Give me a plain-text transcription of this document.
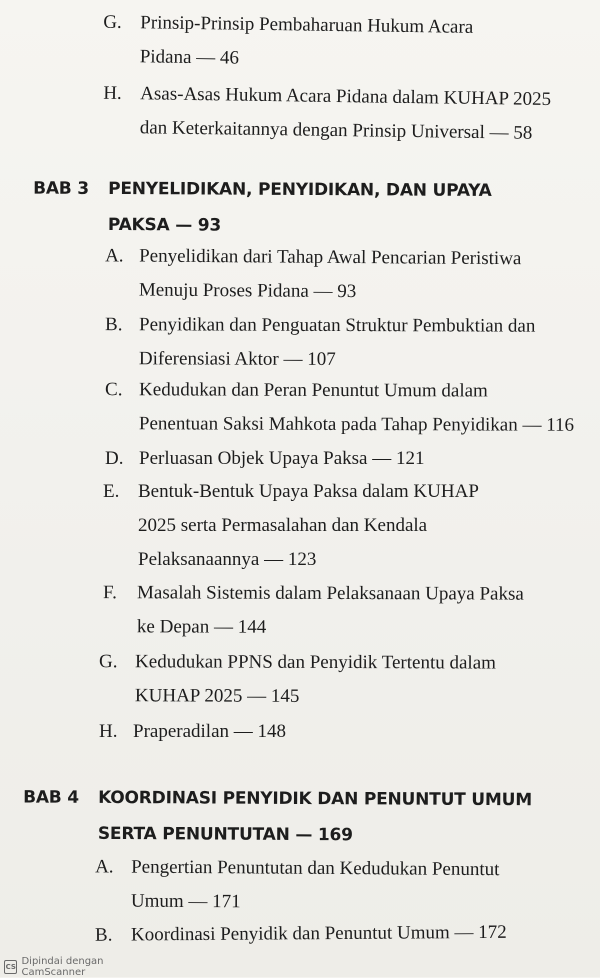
G. Prinsip-Prinsip Pembaharuan Hukum Acara
Pidana — 46
H. Asas-Asas Hukum Acara Pidana dalam KUHAP 2025
dan Keterkaitannya dengan Prinsip Universal — 58
BAB 3 PENYELIDIKAN, PENYIDIKAN, DAN UPAYA
PAKSA — 93
A. Penyelidikan dari Tahap Awal Pencarian Peristiwa
Menuju Proses Pidana — 93
B. Penyidikan dan Penguatan Struktur Pembuktian dan
Diferensiasi Aktor — 107
C. Kedudukan dan Peran Penuntut Umum dalam
Penentuan Saksi Mahkota pada Tahap Penyidikan — 116
D. Perluasan Objek Upaya Paksa — 121
E. Bentuk-Bentuk Upaya Paksa dalam KUHAP
2025 serta Permasalahan dan Kendala
Pelaksanaannya — 123
F. Masalah Sistemis dalam Pelaksanaan Upaya Paksa
ke Depan — 144
G. Kedudukan PPNS dan Penyidik Tertentu dalam
KUHAP 2025 — 145
H. Praperadilan — 148
BAB 4 KOORDINASI PENYIDIK DAN PENUNTUT UMUM
SERTA PENUNTUTAN — 169
A. Pengertian Penuntutan dan Kedudukan Penuntut
Umum — 171
B. Koordinasi Penyidik dan Penuntut Umum — 172
CS Dipindai dengan CamScanner
